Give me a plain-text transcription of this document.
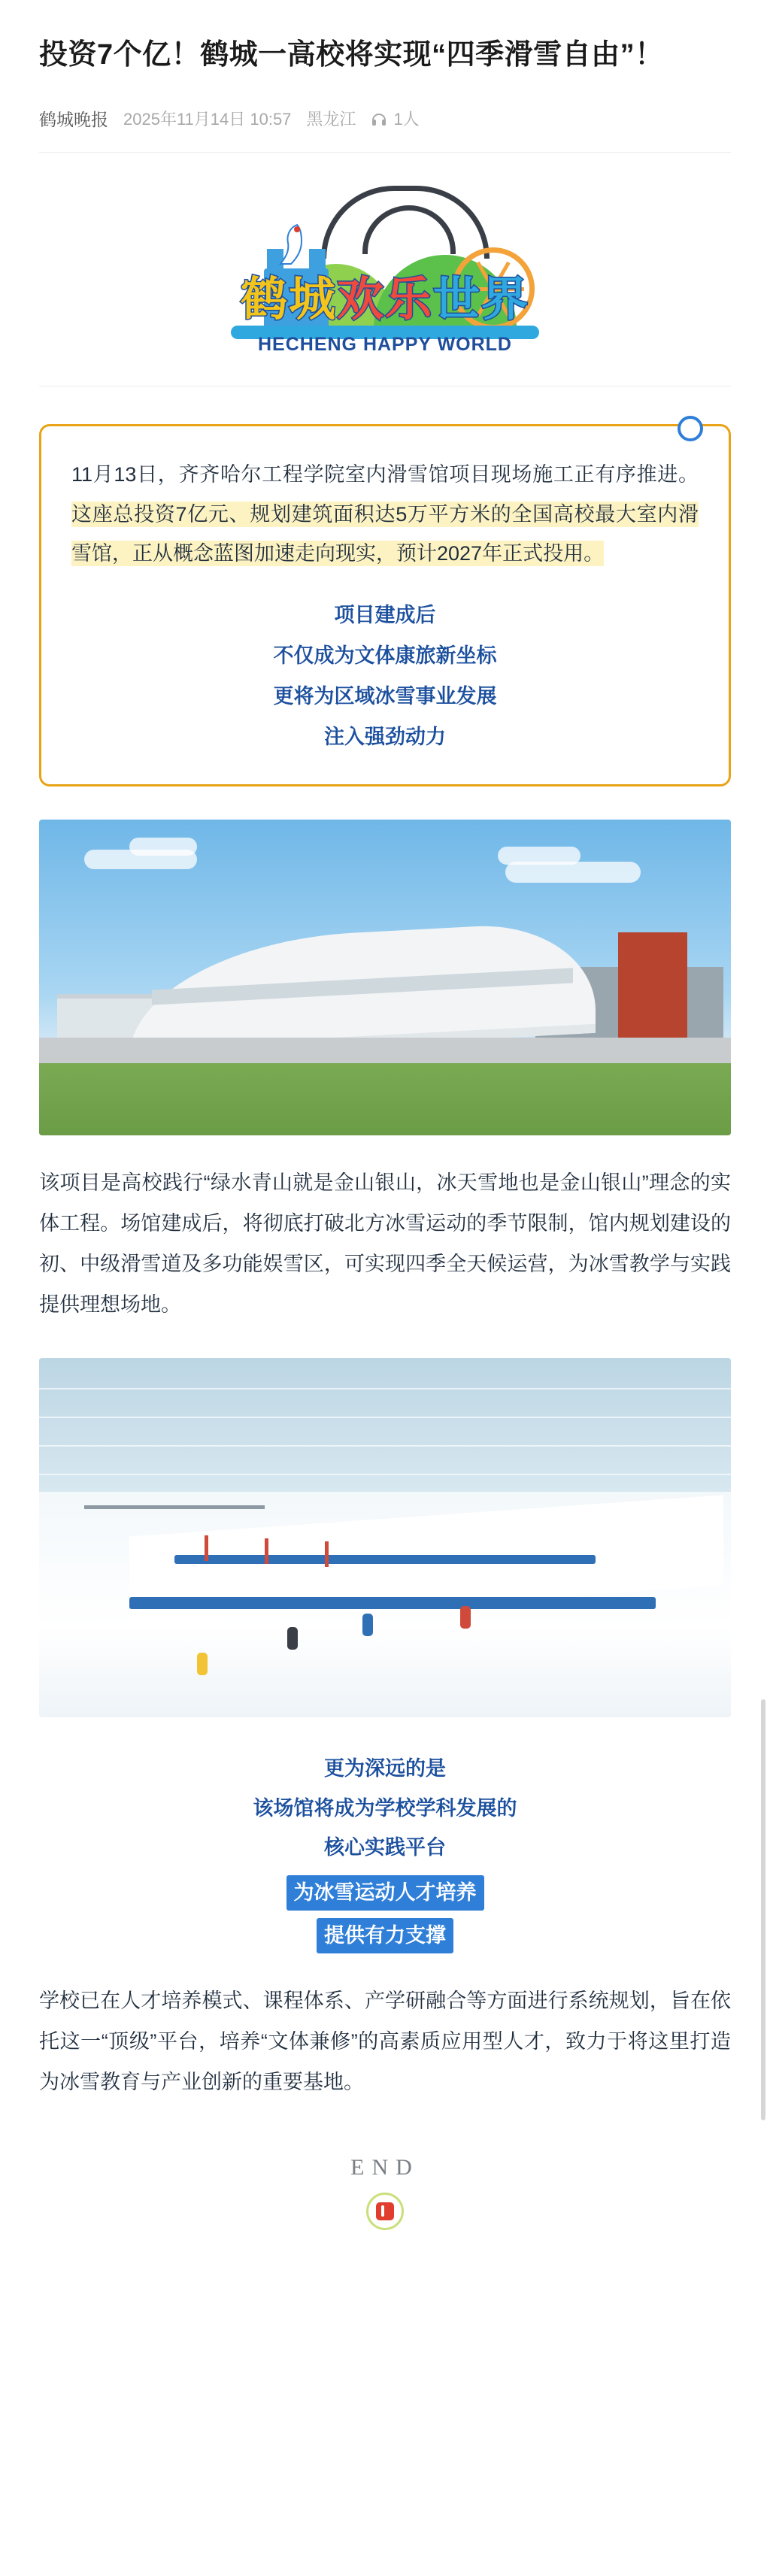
投资7个亿！鹤城一高校将实现“四季滑雪自由”！
鹤城晚报 2025年11月14日 10:57 黑龙江 1人
鹤城欢乐世界
HECHENG HAPPY WORLD

11月13日，齐齐哈尔工程学院室内滑雪馆项目现场施工正有序推进。这座总投资7亿元、规划建筑面积达5万平方米的全国高校最大室内滑雪馆，正从概念蓝图加速走向现实，预计2027年正式投用。

项目建成后
不仅成为文体康旅新坐标
更将为区域冰雪事业发展
注入强劲动力

该项目是高校践行“绿水青山就是金山银山，冰天雪地也是金山银山”理念的实体工程。场馆建成后，将彻底打破北方冰雪运动的季节限制，馆内规划建设的初、中级滑雪道及多功能娱雪区，可实现四季全天候运营，为冰雪教学与实践提供理想场地。

更为深远的是
该场馆将成为学校学科发展的
核心实践平台
为冰雪运动人才培养
提供有力支撑

学校已在人才培养模式、课程体系、产学研融合等方面进行系统规划，旨在依托这一“顶级”平台，培养“文体兼修”的高素质应用型人才，致力于将这里打造为冰雪教育与产业创新的重要基地。

END
